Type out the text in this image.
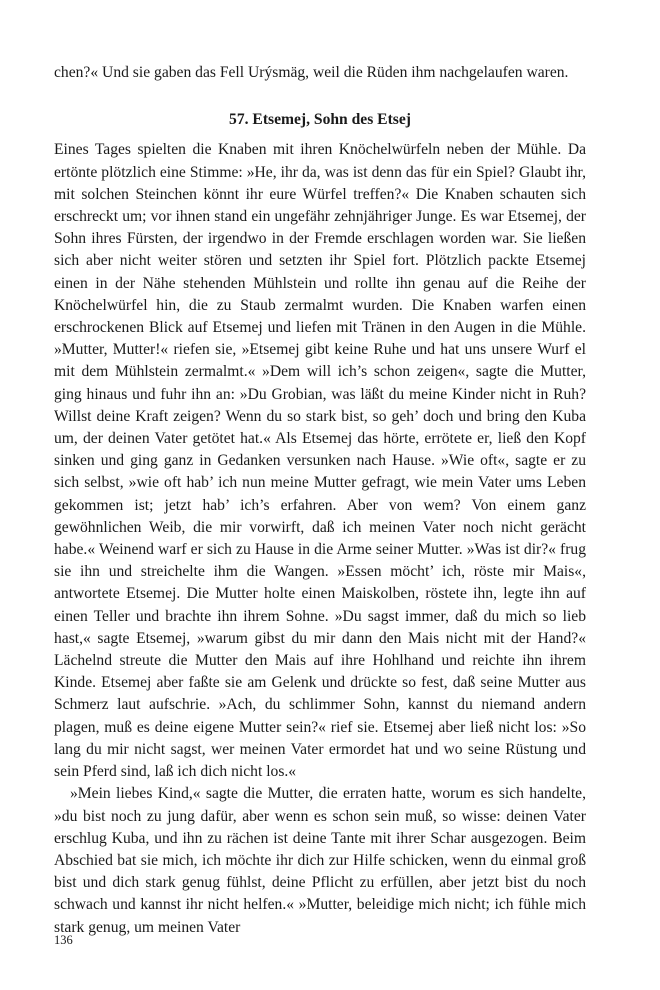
chen?« Und sie gaben das Fell Urýsmäg, weil die Rüden ihm nachgelaufen waren.

57. Etsemej, Sohn des Etsej

Eines Tages spielten die Knaben mit ihren Knöchelwürfeln neben der Mühle. Da ertönte plötzlich eine Stimme: »He, ihr da, was ist denn das für ein Spiel? Glaubt ihr, mit solchen Steinchen könnt ihr eure Würfel treffen?« Die Knaben schauten sich erschreckt um; vor ihnen stand ein ungefähr zehnjähriger Junge. Es war Etsemej, der Sohn ihres Fürsten, der irgendwo in der Fremde erschlagen worden war. Sie ließen sich aber nicht weiter stören und setzten ihr Spiel fort. Plötzlich packte Etsemej einen in der Nähe stehenden Mühlstein und rollte ihn genau auf die Reihe der Knöchelwürfel hin, die zu Staub zermalmt wurden. Die Knaben warfen einen erschrockenen Blick auf Etsemej und liefen mit Tränen in den Augen in die Mühle. »Mutter, Mutter!« riefen sie, »Etsemej gibt keine Ruhe und hat uns unsere Wurf el mit dem Mühlstein zermalmt.« »Dem will ich’s schon zeigen«, sagte die Mutter, ging hinaus und fuhr ihn an: »Du Grobian, was läßt du meine Kinder nicht in Ruh? Willst deine Kraft zeigen? Wenn du so stark bist, so geh’ doch und bring den Kuba um, der deinen Vater getötet hat.« Als Etsemej das hörte, errötete er, ließ den Kopf sinken und ging ganz in Gedanken versunken nach Hause. »Wie oft«, sagte er zu sich selbst, »wie oft hab’ ich nun meine Mutter gefragt, wie mein Vater ums Leben gekommen ist; jetzt hab’ ich’s erfahren. Aber von wem? Von einem ganz gewöhnlichen Weib, die mir vorwirft, daß ich meinen Vater noch nicht gerächt habe.« Weinend warf er sich zu Hause in die Arme seiner Mutter. »Was ist dir?« frug sie ihn und streichelte ihm die Wangen. »Essen möcht’ ich, röste mir Mais«, antwortete Etsemej. Die Mutter holte einen Maiskolben, röstete ihn, legte ihn auf einen Teller und brachte ihn ihrem Sohne. »Du sagst immer, daß du mich so lieb hast,« sagte Etsemej, »warum gibst du mir dann den Mais nicht mit der Hand?« Lächelnd streute die Mutter den Mais auf ihre Hohlhand und reichte ihn ihrem Kinde. Etsemej aber faßte sie am Gelenk und drückte so fest, daß seine Mutter aus Schmerz laut aufschrie. »Ach, du schlimmer Sohn, kannst du niemand andern plagen, muß es deine eigene Mutter sein?« rief sie. Etsemej aber ließ nicht los: »So lang du mir nicht sagst, wer meinen Vater ermordet hat und wo seine Rüstung und sein Pferd sind, laß ich dich nicht los.«

»Mein liebes Kind,« sagte die Mutter, die erraten hatte, worum es sich handelte, »du bist noch zu jung dafür, aber wenn es schon sein muß, so wisse: deinen Vater erschlug Kuba, und ihn zu rächen ist deine Tante mit ihrer Schar ausgezogen. Beim Abschied bat sie mich, ich möchte ihr dich zur Hilfe schicken, wenn du einmal groß bist und dich stark genug fühlst, deine Pflicht zu erfüllen, aber jetzt bist du noch schwach und kannst ihr nicht helfen.« »Mutter, beleidige mich nicht; ich fühle mich stark genug, um meinen Vater

136
